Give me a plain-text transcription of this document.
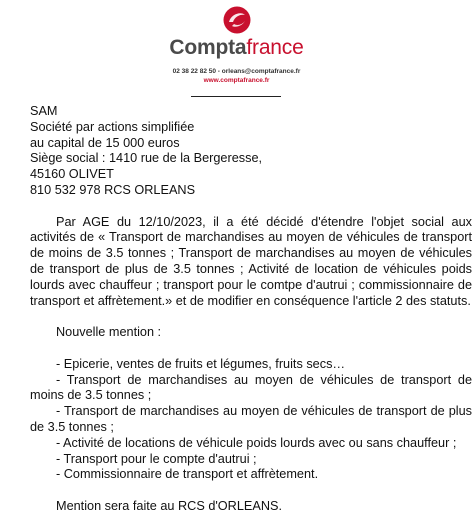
Comptafrance
02 38 22 82 50 - orleans@comptafrance.fr
www.comptafrance.fr
SAM
Société par actions simplifiée
au capital de 15 000 euros
Siège social : 1410 rue de la Bergeresse,
45160 OLIVET
810 532 978 RCS ORLEANS
Par AGE du 12/10/2023, il a été décidé d'étendre l'objet social aux activités de « Transport de marchandises au moyen de véhicules de transport de moins de 3.5 tonnes ; Transport de marchandises au moyen de véhicules de transport de plus de 3.5 tonnes ; Activité de location de véhicules poids lourds avec chauffeur ; transport pour le comtpe d'autrui ; commissionnaire de transport et affrètement.» et de modifier en conséquence l'article 2 des statuts.
Nouvelle mention :
- Epicerie, ventes de fruits et légumes, fruits secs…
- Transport de marchandises au moyen de véhicules de transport de moins de 3.5 tonnes ;
- Transport de marchandises au moyen de véhicules de transport de plus de 3.5 tonnes ;
- Activité de locations de véhicule poids lourds avec ou sans chauffeur ;
- Transport pour le compte d'autrui ;
- Commissionnaire de transport et affrètement.
Mention sera faite au RCS d'ORLEANS.
